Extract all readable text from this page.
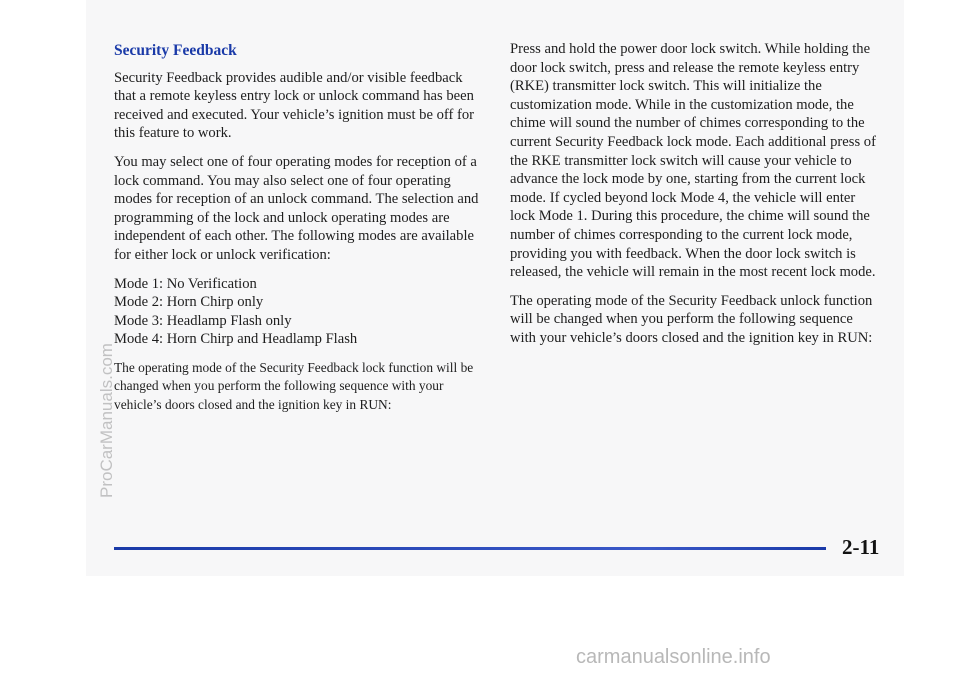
Security Feedback

Security Feedback provides audible and/or visible feedback that a remote keyless entry lock or unlock command has been received and executed. Your vehicle’s ignition must be off for this feature to work.

You may select one of four operating modes for reception of a lock command. You may also select one of four operating modes for reception of an unlock command. The selection and programming of the lock and unlock operating modes are independent of each other. The following modes are available for either lock or unlock verification:

Mode 1: No Verification
Mode 2: Horn Chirp only
Mode 3: Headlamp Flash only
Mode 4: Horn Chirp and Headlamp Flash

The operating mode of the Security Feedback lock function will be changed when you perform the following sequence with your vehicle’s doors closed and the ignition key in RUN:

Press and hold the power door lock switch. While holding the door lock switch, press and release the remote keyless entry (RKE) transmitter lock switch. This will initialize the customization mode. While in the customization mode, the chime will sound the number of chimes corresponding to the current Security Feedback lock mode. Each additional press of the RKE transmitter lock switch will cause your vehicle to advance the lock mode by one, starting from the current lock mode. If cycled beyond lock Mode 4, the vehicle will enter lock Mode 1. During this procedure, the chime will sound the number of chimes corresponding to the current lock mode, providing you with feedback. When the door lock switch is released, the vehicle will remain in the most recent lock mode.

The operating mode of the Security Feedback unlock function will be changed when you perform the following sequence with your vehicle’s doors closed and the ignition key in RUN:

2-11
ProCarManuals.com
carmanualsonline.info
